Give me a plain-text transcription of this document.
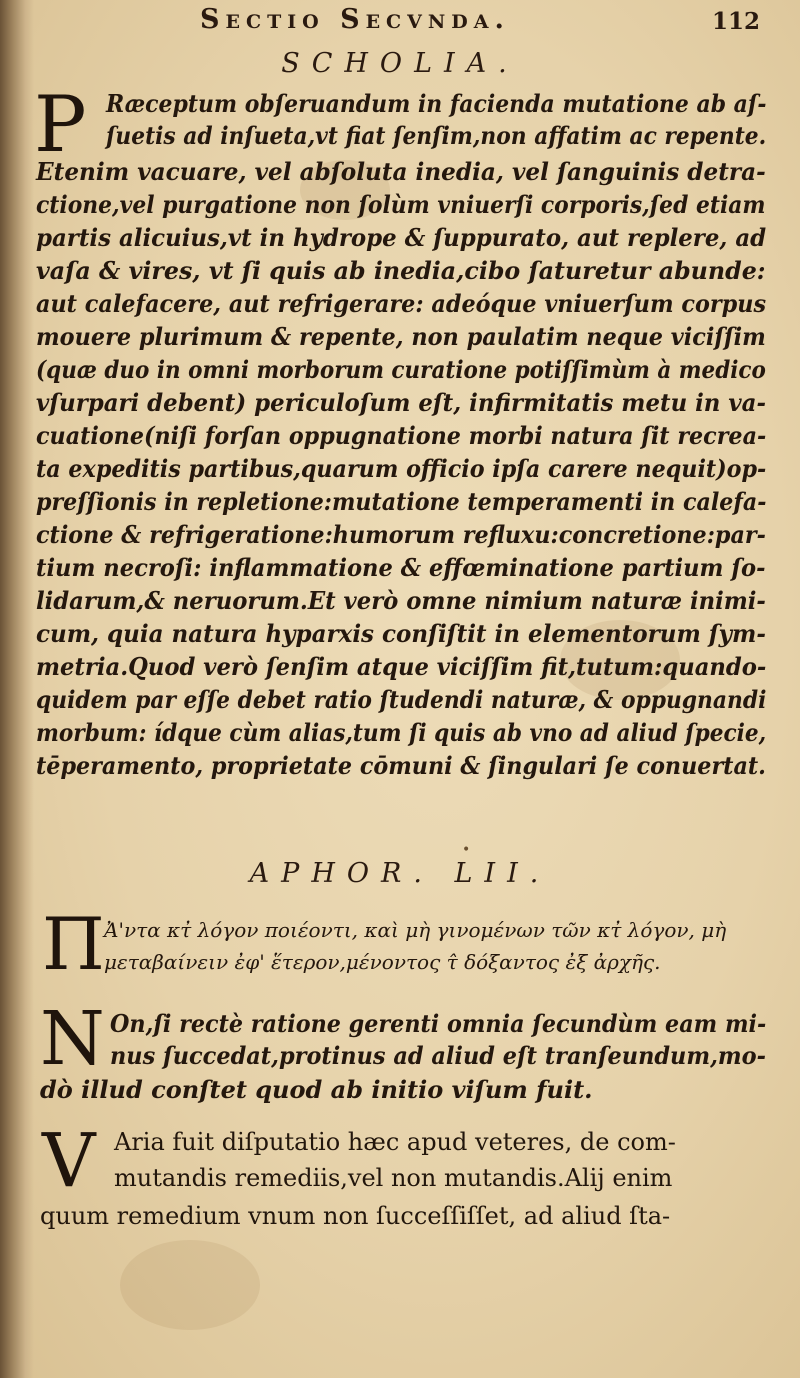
Sectio Secvnda.	112
SCHOLIA.
P Ræceptum obſeruandum in facienda mutatione ab aſ-
ſuetis ad inſueta,vt fiat ſenſim,non affatim ac repente.
Etenim vacuare, vel abſoluta inedia, vel ſanguinis detra-
ctione,vel purgatione non ſolùm vniuerſi corporis,ſed etiam
partis alicuius,vt in hydrope & ſuppurato, aut replere, ad
vaſa & vires, vt ſi quis ab inedia,cibo ſaturetur abunde:
aut calefacere, aut refrigerare: adeóque vniuerſum corpus
mouere plurimum & repente, non paulatim neque viciſſim
(quæ duo in omni morborum curatione potiſſimùm à medico
vſurpari debent) periculoſum eſt, infirmitatis metu in va-
cuatione(niſi forſan oppugnatione morbi natura ſit recrea-
ta expeditis partibus,quarum officio ipſa carere nequit)op-
preſſionis in repletione:mutatione temperamenti in calefa-
ctione & refrigeratione:humorum refluxu:concretione:par-
tium necroſi: inflammatione & effœminatione partium ſo-
lidarum,& neruorum.Et verò omne nimium naturæ inimi-
cum, quia natura hyparxis conſiſtit in elementorum ſym-
metria.Quod verò ſenſim atque viciſſim fit,tutum:quando-
quidem par eſſe debet ratio ſtudendi naturæ, & oppugnandi
morbum: ídque cùm alias,tum ſi quis ab vno ad aliud ſpecie,
tēperamento, proprietate cōmuni & ſingulari ſe conuertat.
•
APHOR. LII.
Π Ἀ'ντα κτ̓ λόγον ποιέοντι, καὶ μὴ γινομένων τῶν κτ̓ λόγον, μὴ
μεταβαίνειν ἐφ' ἕτερον,μένοντος τ̂ δόξαντος ἐξ ἀρχῆς.
N On,ſi rectè ratione gerenti omnia ſecundùm eam mi-
nus ſuccedat,protinus ad aliud eſt tranſeundum,mo-
dò illud conſtet quod ab initio viſum fuit.
V Aria fuit diſputatio hæc apud veteres, de com-
mutandis remediis,vel non mutandis.Alij enim
quum remedium vnum non ſucceſſiſſet, ad aliud ſta-
